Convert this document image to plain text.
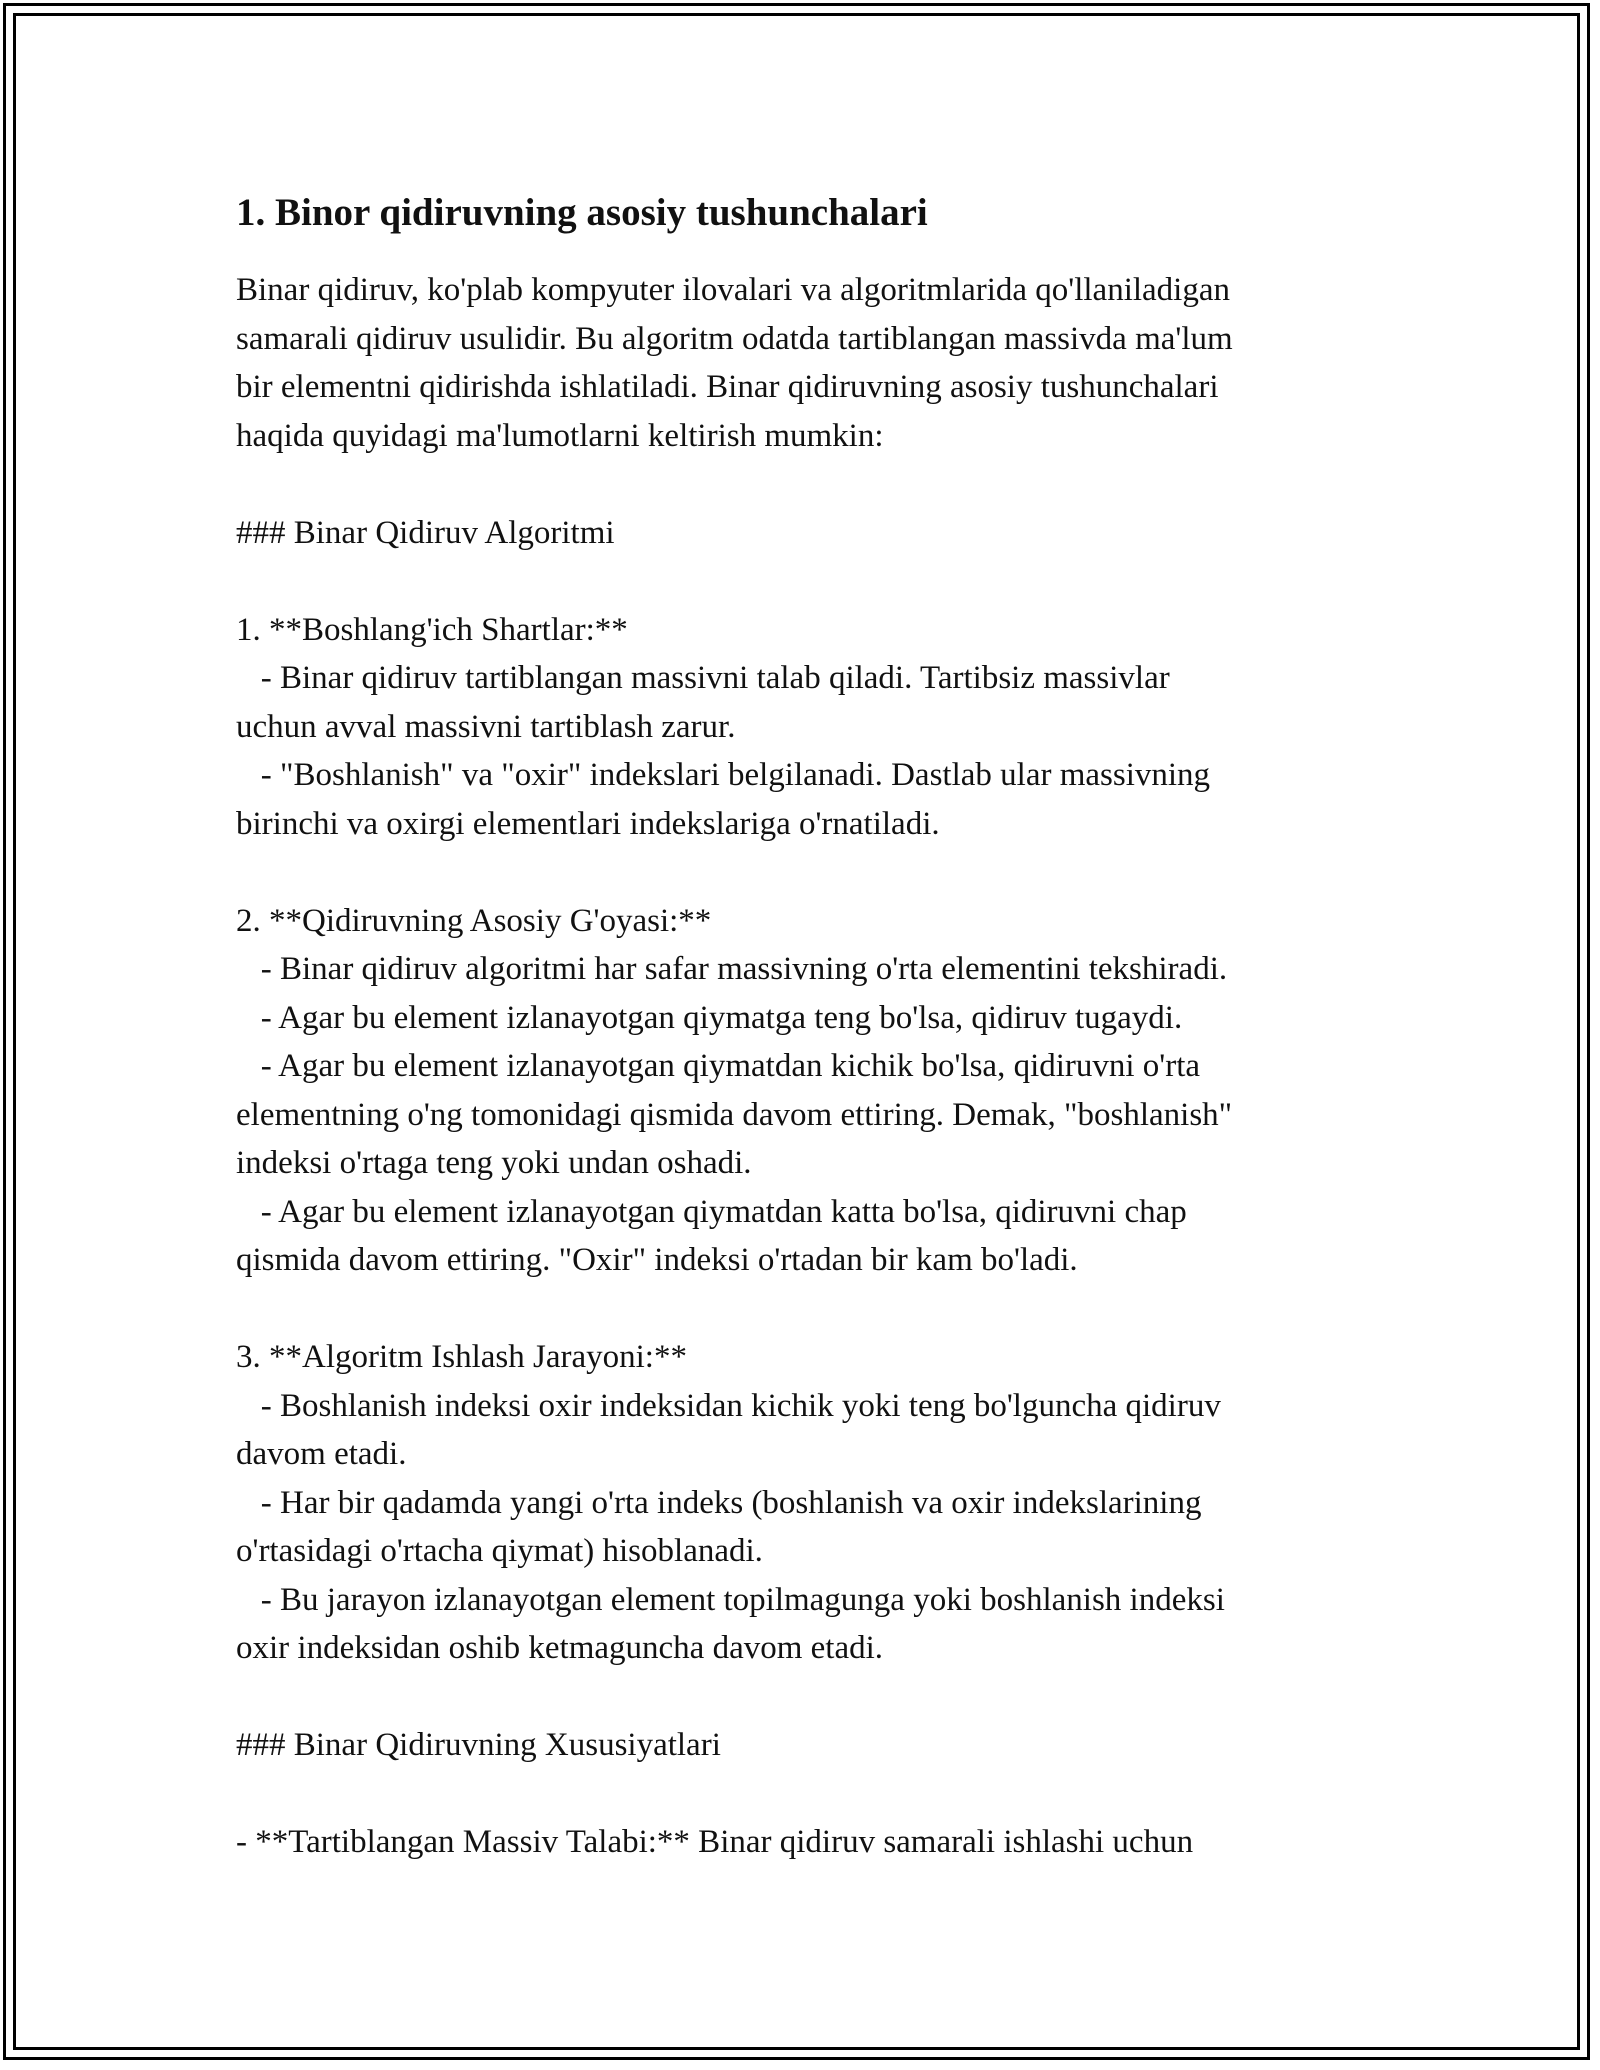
1. Binor qidiruvning asosiy tushunchalari
Binar qidiruv, ko'plab kompyuter ilovalari va algoritmlarida qo'llaniladigan
samarali qidiruv usulidir. Bu algoritm odatda tartiblangan massivda ma'lum
bir elementni qidirishda ishlatiladi. Binar qidiruvning asosiy tushunchalari
haqida quyidagi ma'lumotlarni keltirish mumkin:

### Binar Qidiruv Algoritmi

1. **Boshlang'ich Shartlar:**
- Binar qidiruv tartiblangan massivni talab qiladi. Tartibsiz massivlar
uchun avval massivni tartiblash zarur.
- "Boshlanish" va "oxir" indekslari belgilanadi. Dastlab ular massivning
birinchi va oxirgi elementlari indekslariga o'rnatiladi.

2. **Qidiruvning Asosiy G'oyasi:**
- Binar qidiruv algoritmi har safar massivning o'rta elementini tekshiradi.
- Agar bu element izlanayotgan qiymatga teng bo'lsa, qidiruv tugaydi.
- Agar bu element izlanayotgan qiymatdan kichik bo'lsa, qidiruvni o'rta
elementning o'ng tomonidagi qismida davom ettiring. Demak, "boshlanish"
indeksi o'rtaga teng yoki undan oshadi.
- Agar bu element izlanayotgan qiymatdan katta bo'lsa, qidiruvni chap
qismida davom ettiring. "Oxir" indeksi o'rtadan bir kam bo'ladi.

3. **Algoritm Ishlash Jarayoni:**
- Boshlanish indeksi oxir indeksidan kichik yoki teng bo'lguncha qidiruv
davom etadi.
- Har bir qadamda yangi o'rta indeks (boshlanish va oxir indekslarining
o'rtasidagi o'rtacha qiymat) hisoblanadi.
- Bu jarayon izlanayotgan element topilmagunga yoki boshlanish indeksi
oxir indeksidan oshib ketmaguncha davom etadi.

### Binar Qidiruvning Xususiyatlari

- **Tartiblangan Massiv Talabi:** Binar qidiruv samarali ishlashi uchun
